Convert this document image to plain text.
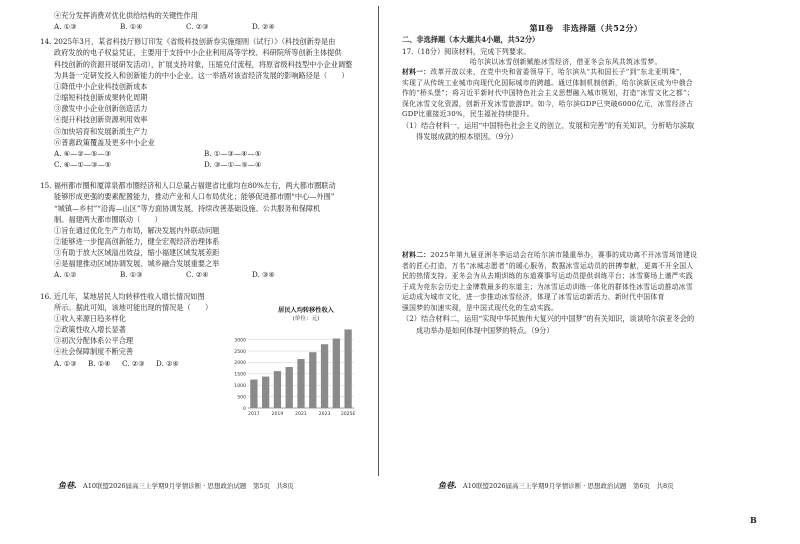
④充分发挥消费对优化供给结构的关键性作用
A. ①③	B. ①④	C. ②③	D. ②④
14. 2025年3月，某省科技厅修订印发《省级科技创新券实施细则（试行）》（科技创新券是由
政府发放的电子权益凭证，主要用于支持中小企业利用高等学校、科研院所等创新主体提供
科技创新的资源开展研发活动），扩展支持对象，压缩兑付流程，将原省级科技型中小企业调整
为具备一定研发投入和创新能力的中小企业。这一举措对该省经济发展的影响路径是（　　）
①降低中小企业科技创新成本
②缩短科技创新成果转化周期
③激发中小企业创新创造活力
④提升科技创新资源利用效率
⑤加快培育和发展新质生产力
⑥普惠政策覆盖及更多中小企业
A. ⑥—②—⑤—③	B. ①—③—④—⑤
C. ⑥—①—③—⑤	D. ③—①—⑤—④
15. 福州都市圈和厦漳泉都市圈经济和人口总量占福建省比重均在80%左右，两大都市圈联动
能够形成更强的要素配置能力，推动产业和人口布局优化；能够促进都市圈“中心—外围”
“城镇—乡村”“沿海—山区”等方面协调发展，持续改善基础设施、公共服务和保障机
制。福建两大都市圈联动（　　）
①旨在通过优化生产力布局，解决发展内外联动问题
②能够进一步提高创新能力，健全宏观经济治理体系
③有助于放大区域溢出效益，缩小福建区域发展差距
④是福建推动区域协调发展、城乡融合发展重要之举
A. ①②	B. ①③	C. ②④	D. ③④
16. 近几年，某地居民人均转移性收入增长情况如图
所示。据此可知，该地可能出现的情况是（　　）
①收入来源日趋多样化
②政策性收入增长显著
③初次分配体系公平合理
④社会保障制度不断完善
A. ①③	B. ①④	C. ②③	D. ②④
居民人均转移性收入
(单位：元)
0
500
1000
1500
2000
2500
3000
2017	2019	2021	2023 2025E
鱼巷. A10联盟2026届高三上学期9月学情诊断 · 思想政治试题　第5页　共8页
第Ⅱ卷　非选择题（共52分）
二、非选择题（本大题共4小题，共52分）
17.（18分）阅读材料，完成下列要求。
哈尔滨以冰雪创新赋能冰雪经济，借亚冬会东风共筑冰雪梦。
材料一：改革开放以来，在党中央和省委领导下，哈尔滨从“共和国长子”到“东北亚明珠”，
实现了从传统工业城市向现代化国际城市的跨越。通过体制机制创新，哈尔滨新区成为中俄合
作的“桥头堡”；将习近平新时代中国特色社会主义思想融入城市规划，打造“冰雪文化之都”；
深化冰雪文化资源，创新开发冰雪旅游IP。如今，哈尔滨GDP已突破6000亿元，冰雪经济占
GDP比重接近30%，民生福祉持续提升。
（1）结合材料一，运用“中国特色社会主义的创立、发展和完善”的有关知识，分析哈尔滨取
得发展成就的根本原因。（9分）
材料二：2025年第九届亚洲冬季运动会在哈尔滨市隆重举办，赛事的成功离不开冰雪场馆建设
者的匠心打造，万名“冰城志愿者”的暖心服务，数据冰雪运动员的拼搏奉献，更离不开全国人
民的热情支持。亚冬会为从去期训练的东道赛事写运动员提供训练平台；冰雪赛场上谨严实践
于成为竞东会历史上金牌数最多的东道主；为冰雪运动训练一体化的群体性冰雪运动推动冰雪
运动成为城市文化，进一步推动冰雪经济，体现了冰雪运动新活力、新时代中国体育
强国梦的加速实现，是中国式现代化的生动实践。
（2）结合材料二，运用“实现中华民族伟大复兴的中国梦”的有关知识，谈谈哈尔滨亚冬会的
成功举办是如何体现中国梦的特点。（9分）
鱼巷. A10联盟2026届高三上学期9月学情诊断 · 思想政治试题　第6页　共8页
B
